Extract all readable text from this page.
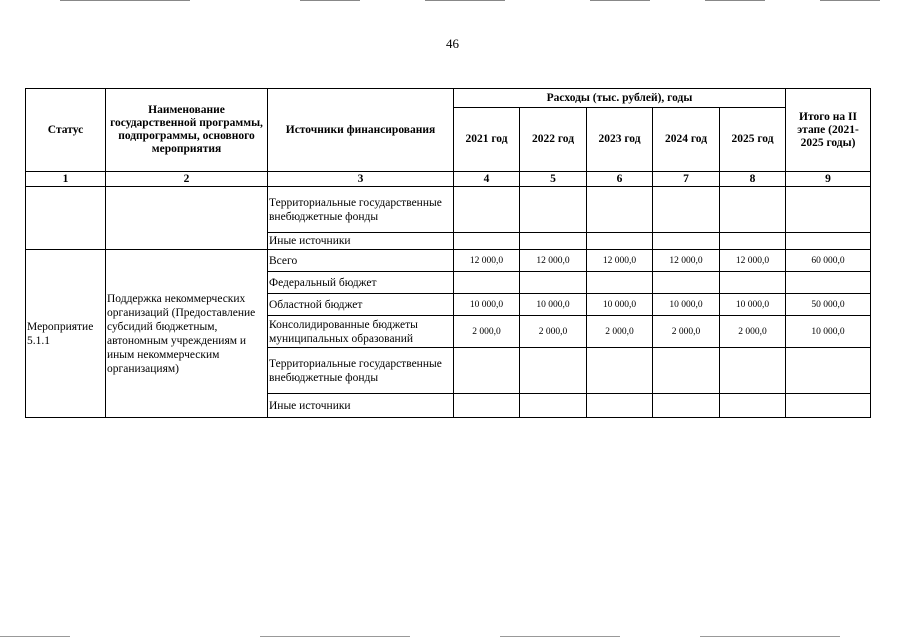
46
Статус	Наименование государственной программы, подпрограммы, основного мероприятия	Источники финансирования	Расходы (тыс. рублей), годы					Итого на II этапе (2021-2025 годы)
			2021 год	2022 год	2023 год	2024 год	2025 год	
1	2	3	4	5	6	7	8	9
		Территориальные государственные внебюджетные фонды						
		Иные источники						
Мероприятие 5.1.1	Поддержка некоммерческих организаций (Предоставление субсидий бюджетным, автономным учреждениям и иным некоммерческим организациям)	Всего	12 000,0	12 000,0	12 000,0	12 000,0	12 000,0	60 000,0
		Федеральный бюджет						
		Областной бюджет	10 000,0	10 000,0	10 000,0	10 000,0	10 000,0	50 000,0
		Консолидированные бюджеты муниципальных образований	2 000,0	2 000,0	2 000,0	2 000,0	2 000,0	10 000,0
		Территориальные государственные внебюджетные фонды						
		Иные источники						
